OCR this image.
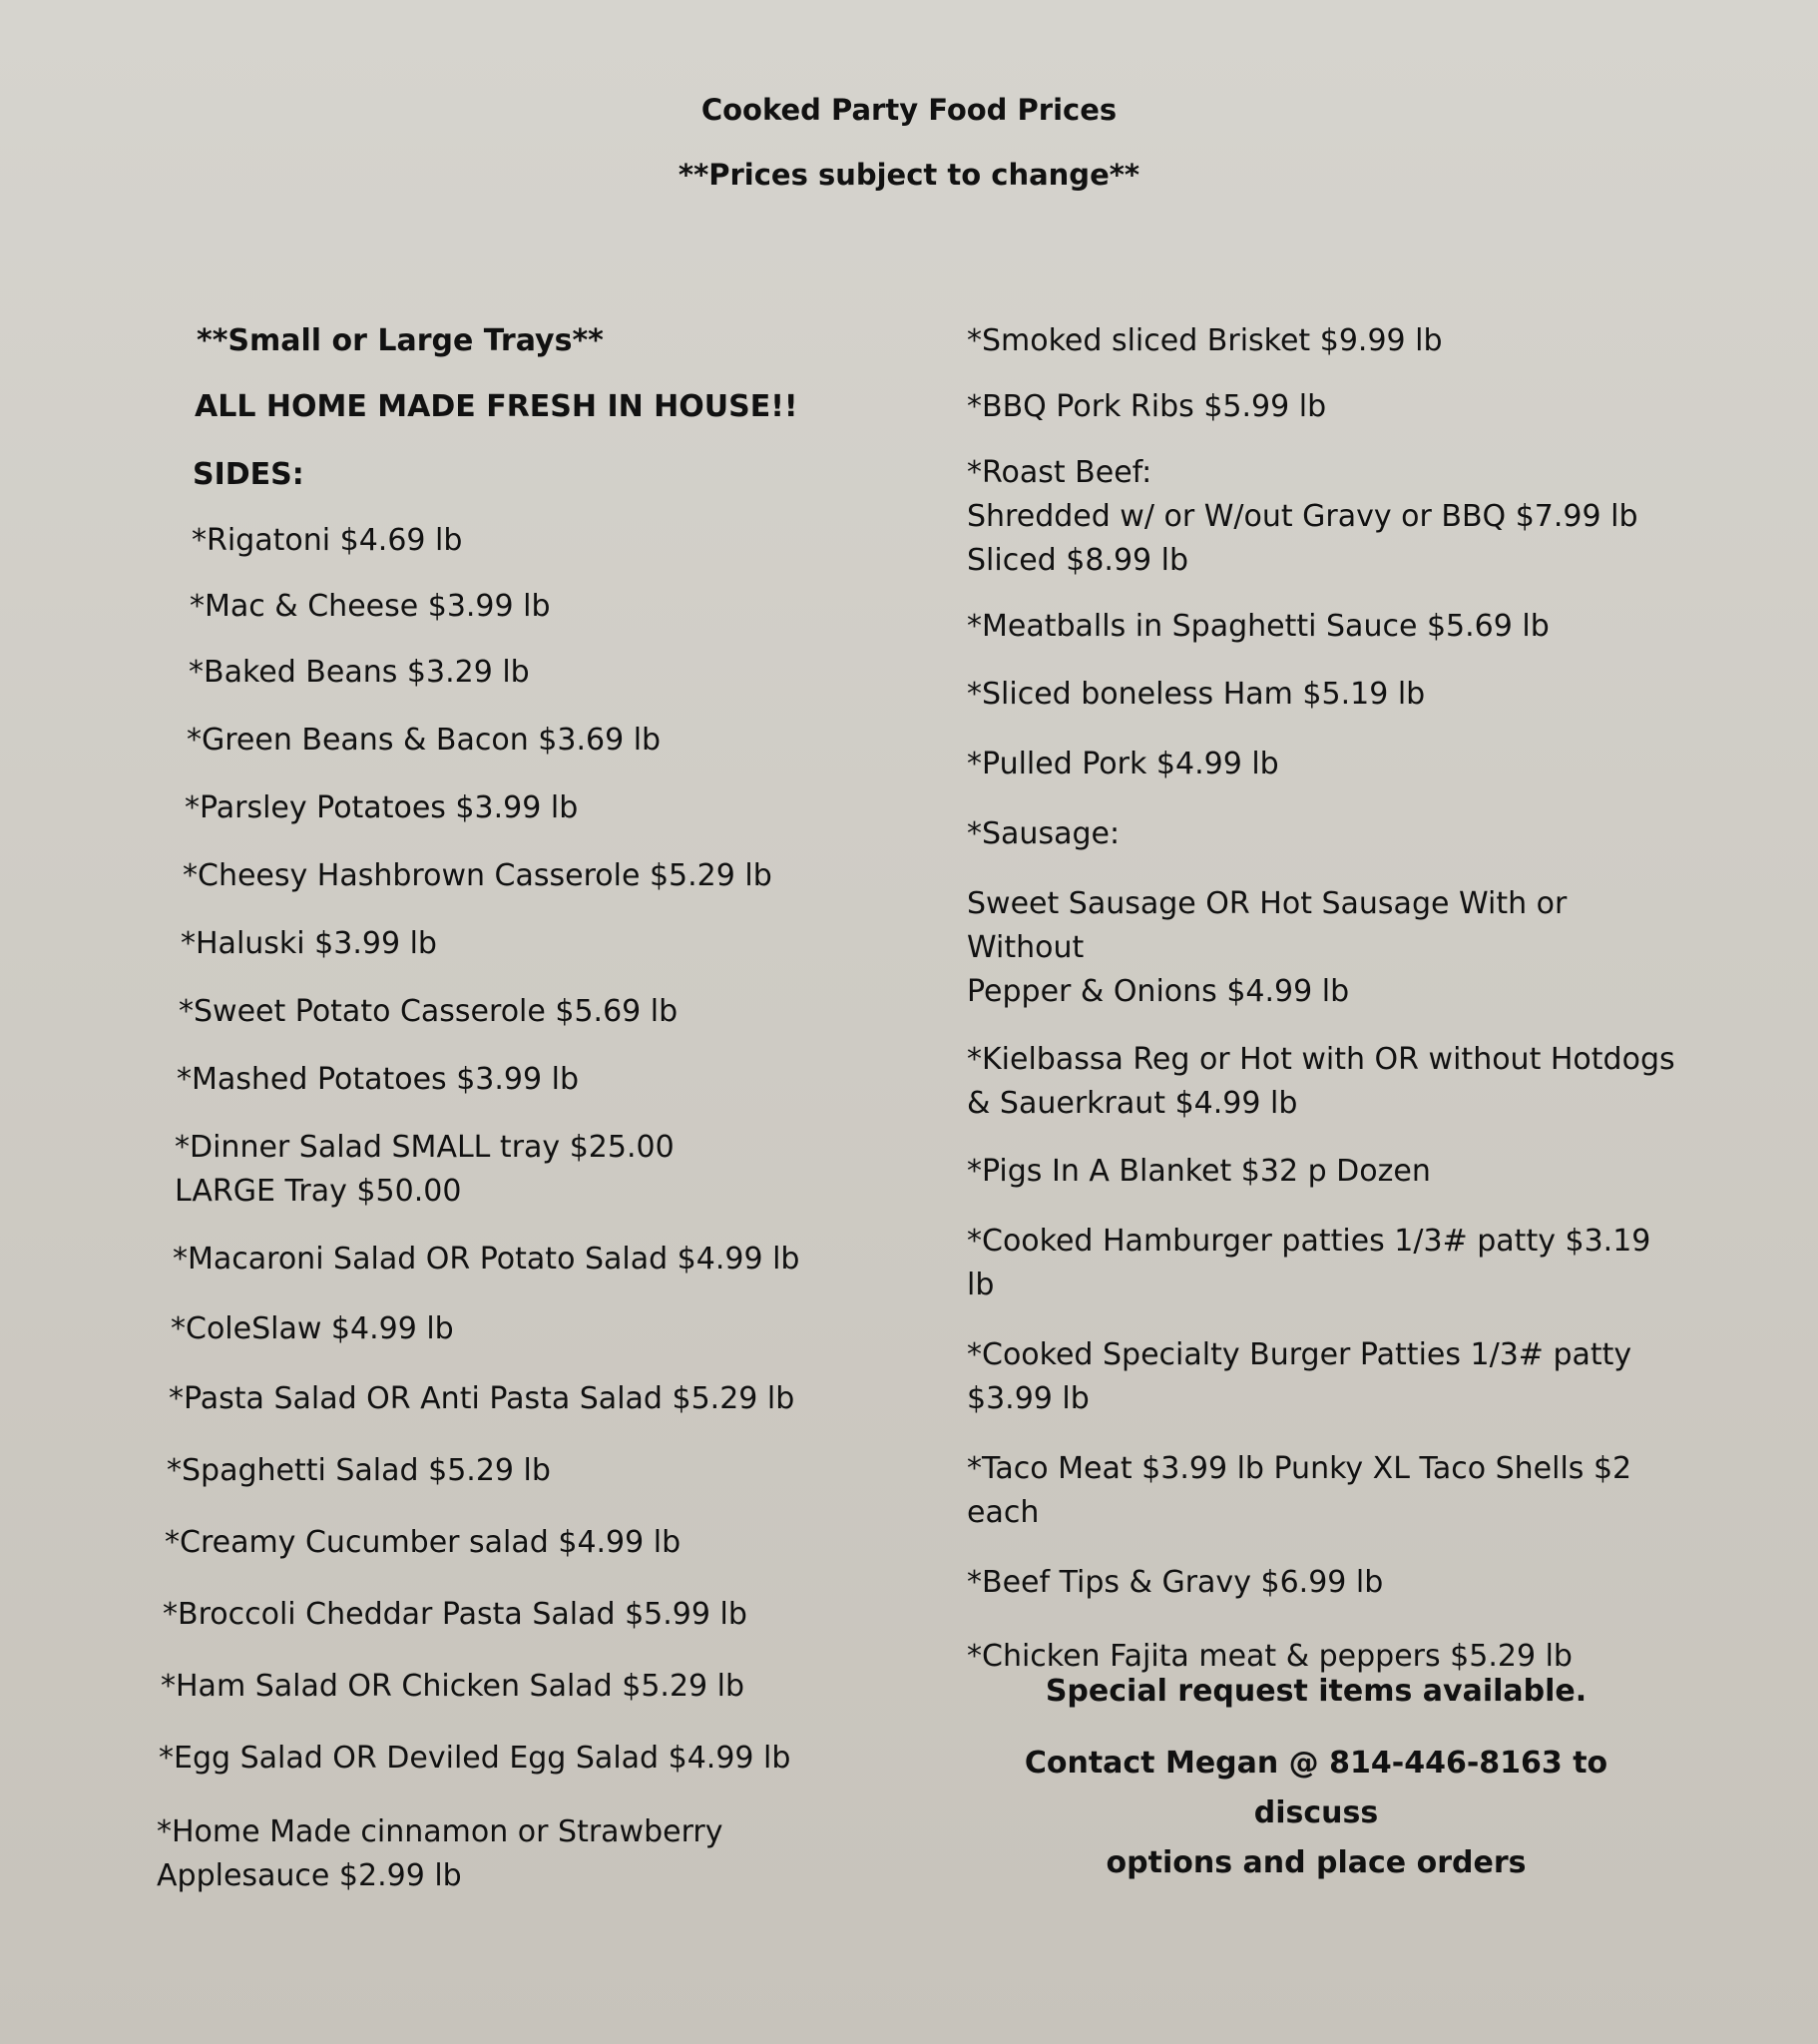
Cooked Party Food Prices
**Prices subject to change**

**Small or Large Trays**

ALL HOME MADE FRESH IN HOUSE!!

SIDES:

*Rigatoni $4.69 lb

*Mac & Cheese $3.99 lb

*Baked Beans $3.29 lb

*Green Beans & Bacon $3.69 lb

*Parsley Potatoes $3.99 lb

*Cheesy Hashbrown Casserole $5.29 lb

*Haluski $3.99 lb

*Sweet Potato Casserole $5.69 lb

*Mashed Potatoes $3.99 lb

*Dinner Salad SMALL tray $25.00
LARGE Tray $50.00

*Macaroni Salad OR Potato Salad $4.99 lb

*ColeSlaw $4.99 lb

*Pasta Salad OR Anti Pasta Salad $5.29 lb

*Spaghetti Salad $5.29 lb

*Creamy Cucumber salad $4.99 lb

*Broccoli Cheddar Pasta Salad $5.99 lb

*Ham Salad OR Chicken Salad $5.29 lb

*Egg Salad OR Deviled Egg Salad $4.99 lb

*Home Made cinnamon or Strawberry
Applesauce $2.99 lb

*Smoked sliced Brisket $9.99 lb

*BBQ Pork Ribs $5.99 lb

*Roast Beef:
Shredded w/ or W/out Gravy or BBQ $7.99 lb
Sliced $8.99 lb

*Meatballs in Spaghetti Sauce $5.69 lb

*Sliced boneless Ham $5.19 lb

*Pulled Pork $4.99 lb

*Sausage:

Sweet Sausage OR Hot Sausage With or Without
Pepper & Onions $4.99 lb

*Kielbassa Reg or Hot with OR without Hotdogs
& Sauerkraut $4.99 lb

*Pigs In A Blanket $32 p Dozen

*Cooked Hamburger patties 1/3# patty $3.19 lb

*Cooked Specialty Burger Patties 1/3# patty
$3.99 lb

*Taco Meat $3.99 lb Punky XL Taco Shells $2
each

*Beef Tips & Gravy $6.99 lb

*Chicken Fajita meat & peppers $5.29 lb

Special request items available.
Contact Megan @ 814-446-8163 to discuss
options and place orders
